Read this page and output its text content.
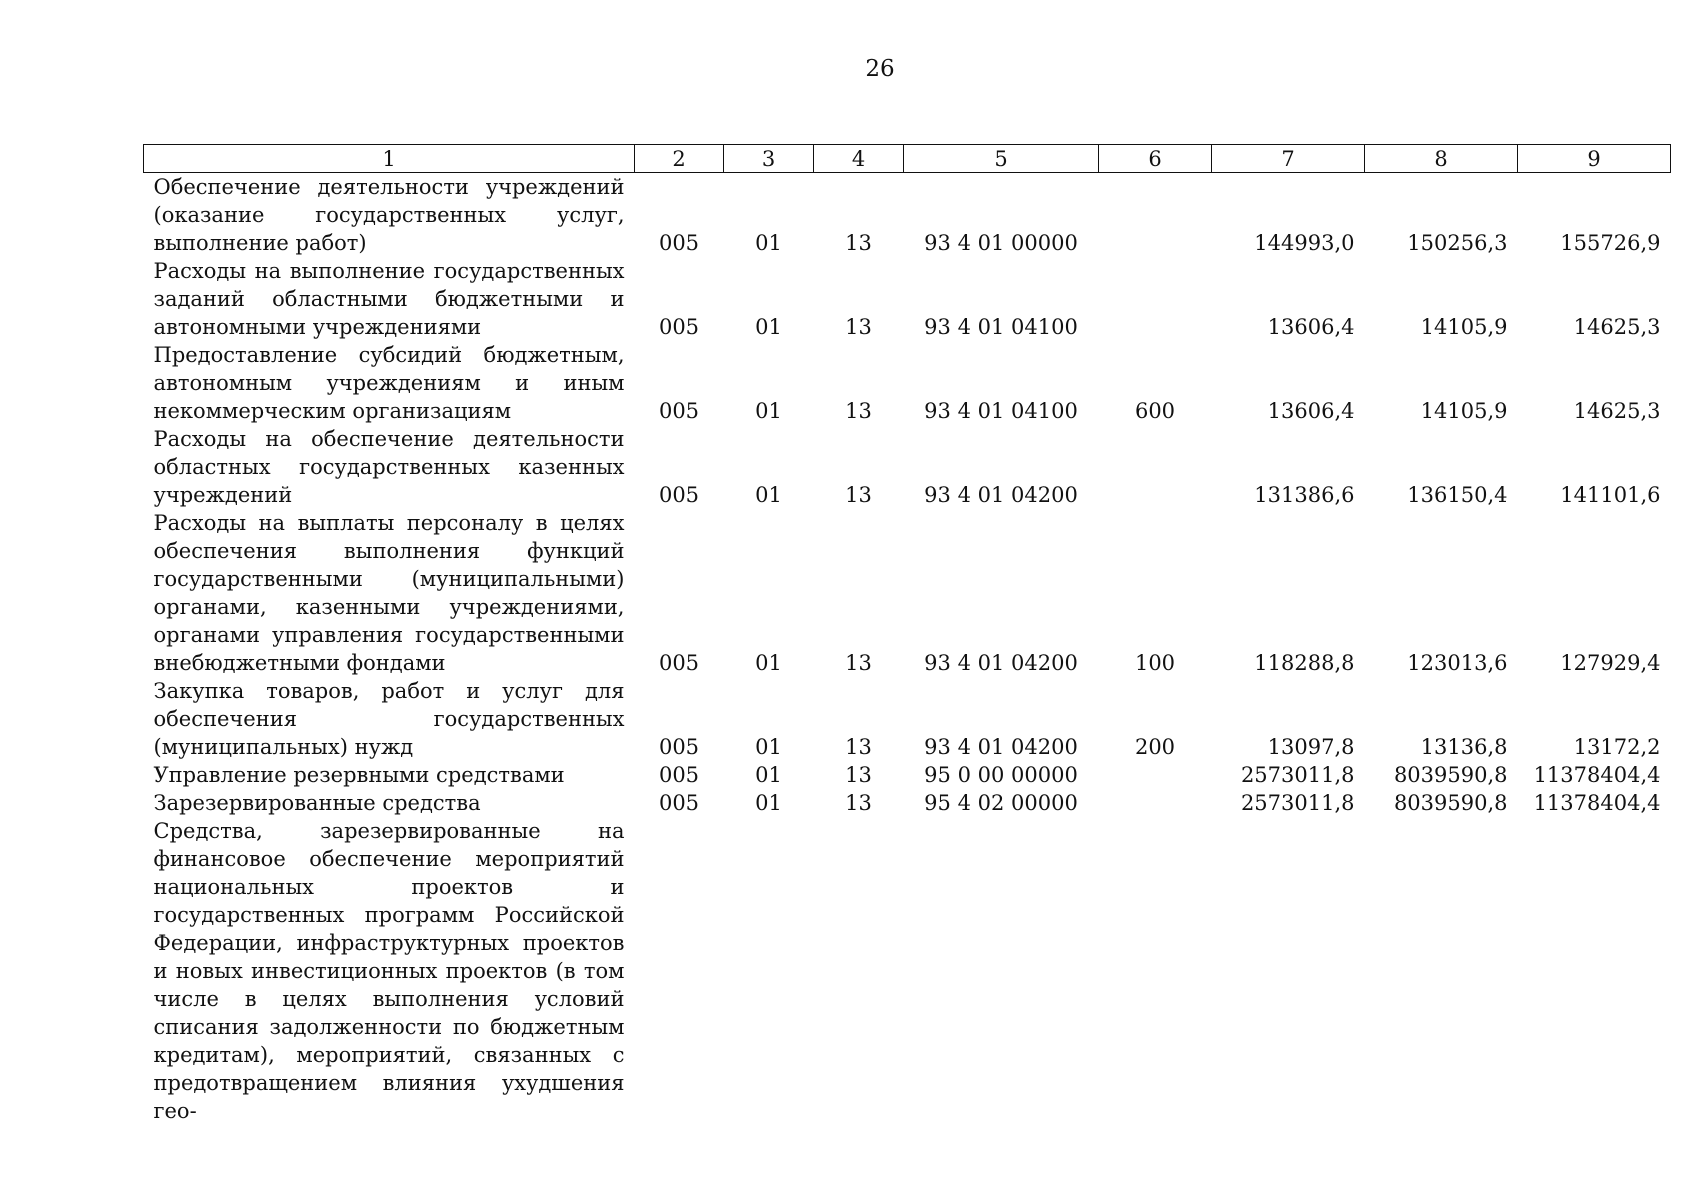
26
1	2	3	4	5	6	7	8	9
Обеспечение деятельности учреждений (оказание государственных услуг, выполнение работ)	005	01	13	93 4 01 00000		144993,0	150256,3	155726,9
Расходы на выполнение государственных заданий областными бюджетными и автономными учреждениями	005	01	13	93 4 01 04100		13606,4	14105,9	14625,3
Предоставление субсидий бюджетным, автономным учреждениям и иным некоммерческим организациям	005	01	13	93 4 01 04100	600	13606,4	14105,9	14625,3
Расходы на обеспечение деятельности областных государственных казенных учреждений	005	01	13	93 4 01 04200		131386,6	136150,4	141101,6
Расходы на выплаты персоналу в целях обеспечения выполнения функций государственными (муниципальными) органами, казенными учреждениями, органами управления государственными внебюджетными фондами	005	01	13	93 4 01 04200	100	118288,8	123013,6	127929,4
Закупка товаров, работ и услуг для обеспечения государственных (муниципальных) нужд	005	01	13	93 4 01 04200	200	13097,8	13136,8	13172,2
Управление резервными средствами	005	01	13	95 0 00 00000		2573011,8	8039590,8	11378404,4
Зарезервированные средства	005	01	13	95 4 02 00000		2573011,8	8039590,8	11378404,4
Средства, зарезервированные на финансовое обеспечение мероприятий национальных проектов и государственных программ Российской Федерации, инфраструктурных проектов и новых инвестиционных проектов (в том числе в целях выполнения условий списания задолженности по бюджетным кредитам), мероприятий, связанных с предотвращением влияния ухудшения гео-								
